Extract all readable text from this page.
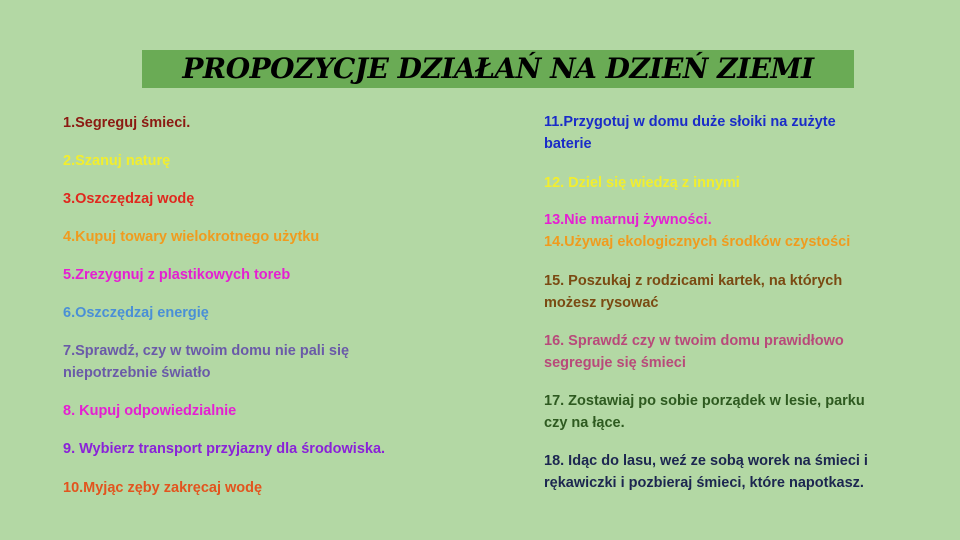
PROPOZYCJE DZIAŁAŃ NA DZIEŃ ZIEMI

1.Segreguj śmieci.

2.Szanuj naturę

3.Oszczędzaj wodę

4.Kupuj towary wielokrotnego użytku

5.Zrezygnuj z plastikowych toreb

6.Oszczędzaj energię

7.Sprawdź, czy w twoim domu nie pali się niepotrzebnie światło

8. Kupuj odpowiedzialnie

9. Wybierz transport przyjazny dla środowiska.

10.Myjąc zęby zakręcaj wodę

11.Przygotuj w domu duże słoiki na zużyte baterie

12. Dziel się wiedzą z innymi

13.Nie marnuj żywności.

14.Używaj ekologicznych środków czystości

15. Poszukaj z rodzicami kartek, na których możesz rysować

16. Sprawdź czy w twoim domu prawidłowo segreguje się śmieci

17. Zostawiaj po sobie porządek w lesie, parku czy na łące.

18. Idąc do lasu, weź ze sobą worek na śmieci i rękawiczki i pozbieraj śmieci, które napotkasz.
